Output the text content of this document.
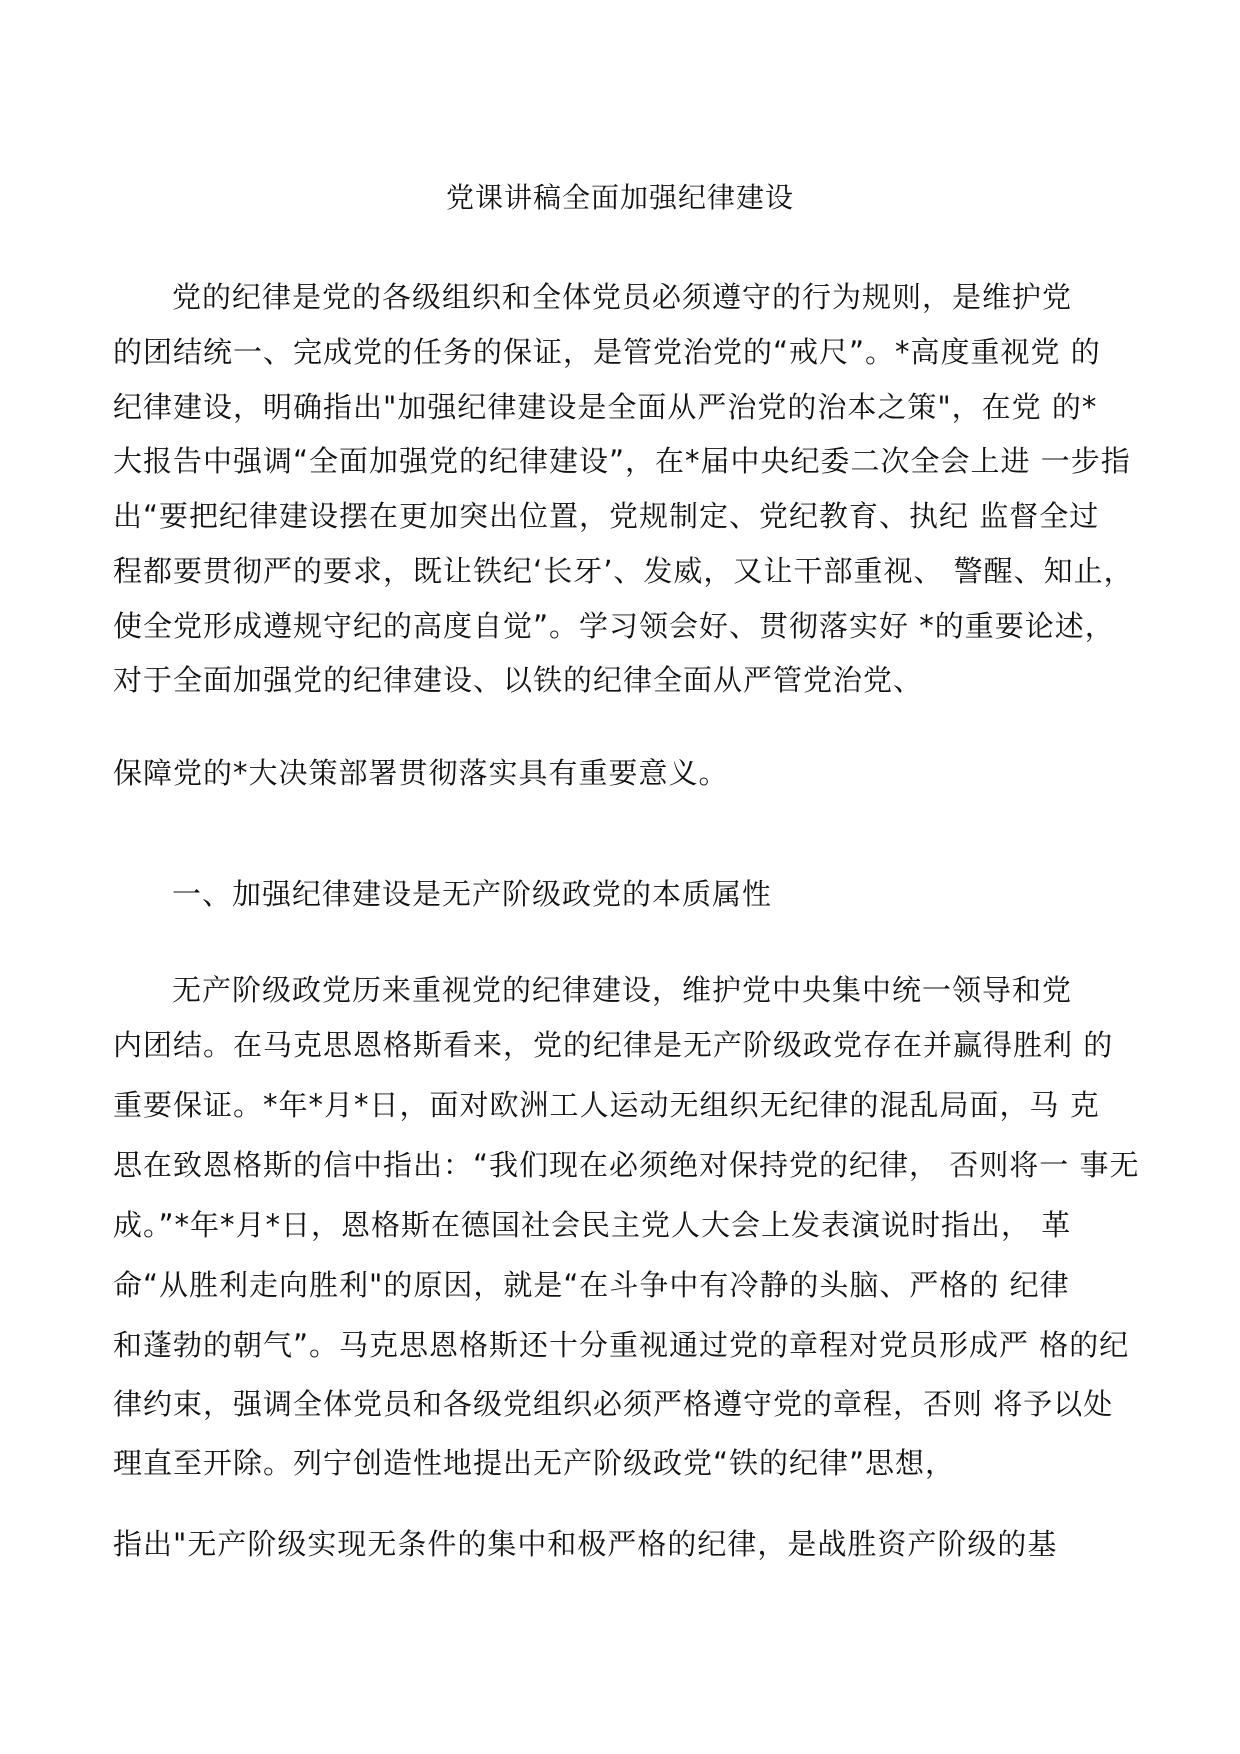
党课讲稿全面加强纪律建设
党的纪律是党的各级组织和全体党员必须遵守的行为规则，是维护党
的团结统一、完成党的任务的保证，是管党治党的“戒尺”。*高度重视党 的
纪律建设，明确指出"加强纪律建设是全面从严治党的治本之策"，在党 的*
大报告中强调“全面加强党的纪律建设”，在*届中央纪委二次全会上进 一步指
出“要把纪律建设摆在更加突出位置，党规制定、党纪教育、执纪 监督全过
程都要贯彻严的要求，既让铁纪‘长牙’、发威，又让干部重视、 警醒、知止，
使全党形成遵规守纪的高度自觉”。学习领会好、贯彻落实好 *的重要论述，
对于全面加强党的纪律建设、以铁的纪律全面从严管党治党、
保障党的*大决策部署贯彻落实具有重要意义。
一、加强纪律建设是无产阶级政党的本质属性
无产阶级政党历来重视党的纪律建设，维护党中央集中统一领导和党
内团结。在马克思恩格斯看来，党的纪律是无产阶级政党存在并赢得胜利 的
重要保证。*年*月*日，面对欧洲工人运动无组织无纪律的混乱局面，马 克
思在致恩格斯的信中指出：“我们现在必须绝对保持党的纪律， 否则将一 事无
成。”*年*月*日，恩格斯在德国社会民主党人大会上发表演说时指出， 革
命“从胜利走向胜利"的原因，就是“在斗争中有冷静的头脑、严格的 纪律
和蓬勃的朝气”。马克思恩格斯还十分重视通过党的章程对党员形成严 格的纪
律约束，强调全体党员和各级党组织必须严格遵守党的章程，否则 将予以处
理直至开除。列宁创造性地提出无产阶级政党“铁的纪律”思想，
指出"无产阶级实现无条件的集中和极严格的纪律，是战胜资产阶级的基
